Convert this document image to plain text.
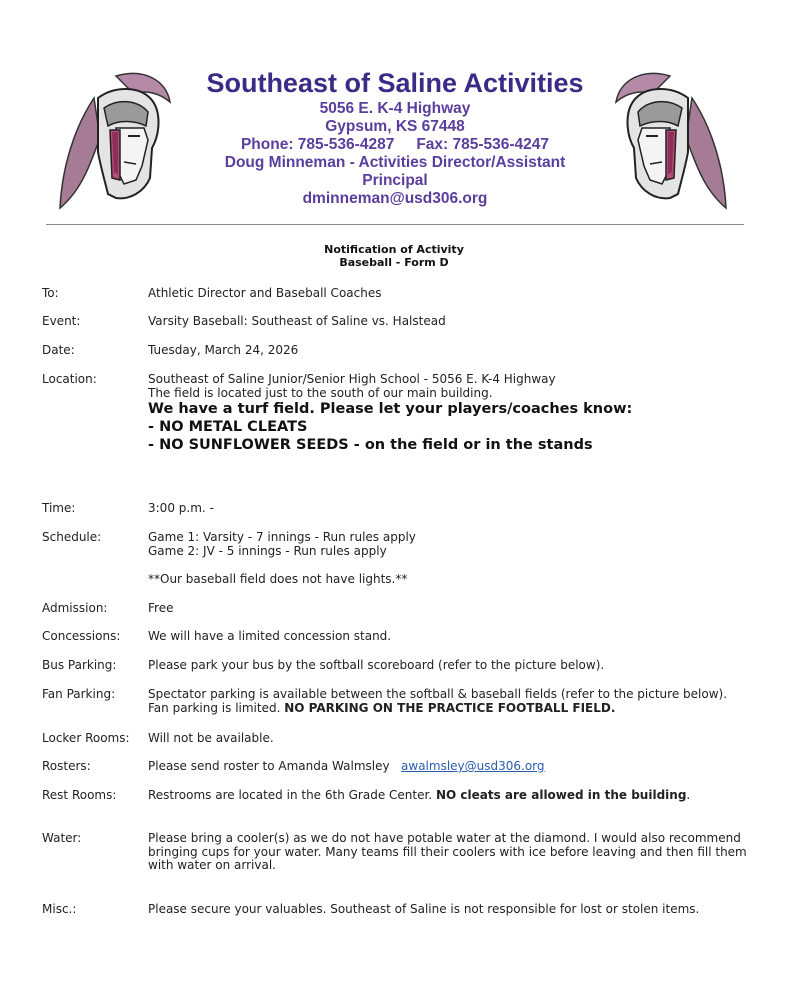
Southeast of Saline Activities
5056 E. K-4 Highway
Gypsum, KS 67448
Phone: 785-536-4287 Fax: 785-536-4247
Doug Minneman - Activities Director/Assistant
Principal
dminneman@usd306.org
Notification of Activity
Baseball - Form D
To:	Athletic Director and Baseball Coaches
Event:	Varsity Baseball: Southeast of Saline vs. Halstead
Date:	Tuesday, March 24, 2026
Location:	Southeast of Saline Junior/Senior High School - 5056 E. K-4 Highway
The field is located just to the south of our main building.
We have a turf field. Please let your players/coaches know:
- NO METAL CLEATS
- NO SUNFLOWER SEEDS - on the field or in the stands
Time:	3:00 p.m. -
Schedule:	Game 1: Varsity - 7 innings - Run rules apply
Game 2: JV - 5 innings - Run rules apply
**Our baseball field does not have lights.**
Admission:	Free
Concessions:	We will have a limited concession stand.
Bus Parking:	Please park your bus by the softball scoreboard (refer to the picture below).
Fan Parking:	Spectator parking is available between the softball & baseball fields (refer to the picture below).
Fan parking is limited. NO PARKING ON THE PRACTICE FOOTBALL FIELD.
Locker Rooms:	Will not be available.
Rosters:	Please send roster to Amanda Walmsley awalmsley@usd306.org
Rest Rooms:	Restrooms are located in the 6th Grade Center. NO cleats are allowed in the building.
Water:	Please bring a cooler(s) as we do not have potable water at the diamond. I would also recommend
bringing cups for your water. Many teams fill their coolers with ice before leaving and then fill them
with water on arrival.
Misc.:	Please secure your valuables. Southeast of Saline is not responsible for lost or stolen items.
